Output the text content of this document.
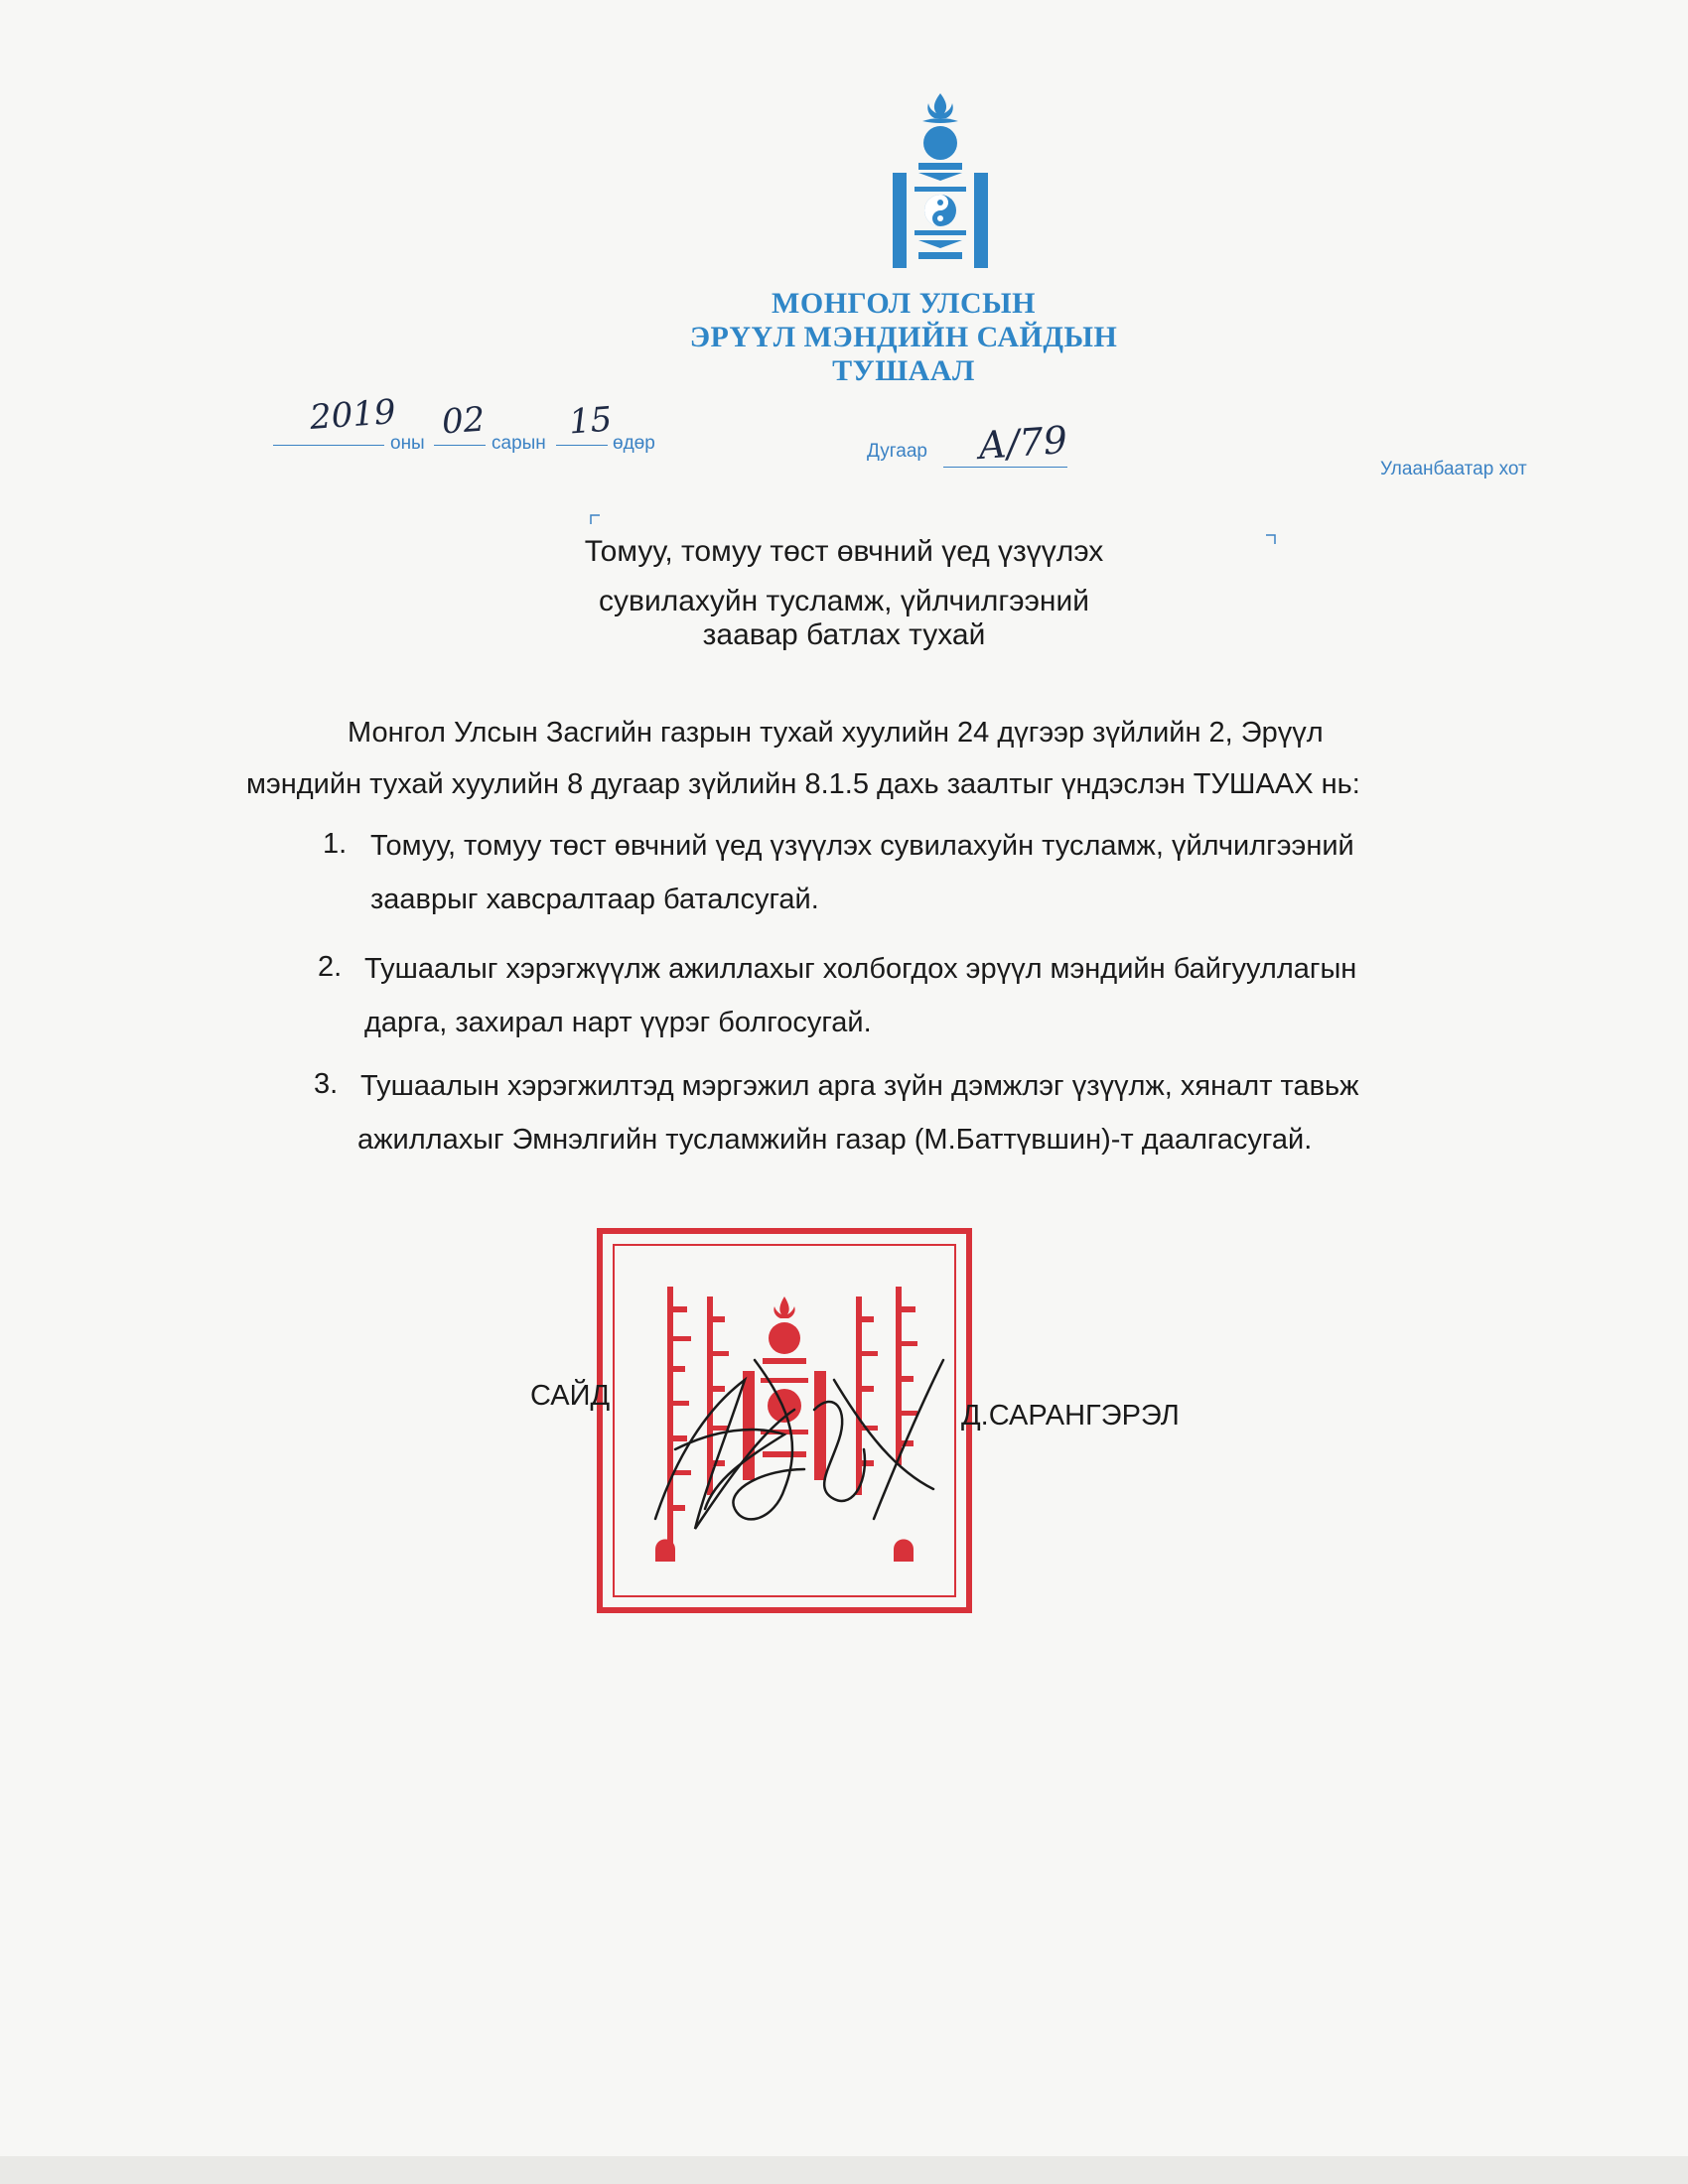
МОНГОЛ УЛСЫН
ЭРҮҮЛ МЭНДИЙН САЙДЫН
ТУШААЛ
2019
оны
02
сарын
15
өдөр	Дугаар А/79
Улаанбаатар хот
Томуу, томуу төст өвчний үед үзүүлэх
сувилахуйн тусламж, үйлчилгээний
заавар батлах тухай
Монгол Улсын Засгийн газрын тухай хуулийн 24 дүгээр зүйлийн 2, Эрүүл
мэндийн тухай хуулийн 8 дугаар зүйлийн 8.1.5 дахь заалтыг үндэслэн ТУШААХ нь:
1. Томуу, томуу төст өвчний үед үзүүлэх сувилахуйн тусламж, үйлчилгээний
зааврыг хавсралтаар баталсугай.
2. Тушаалыг хэрэгжүүлж ажиллахыг холбогдох эрүүл мэндийн байгууллагын
дарга, захирал нарт үүрэг болгосугай.
3. Тушаалын хэрэгжилтэд мэргэжил арга зүйн дэмжлэг үзүүлж, хяналт тавьж
ажиллахыг Эмнэлгийн тусламжийн газар (М.Баттүвшин)-т даалгасугай.
САЙД
Д.САРАНГЭРЭЛ
